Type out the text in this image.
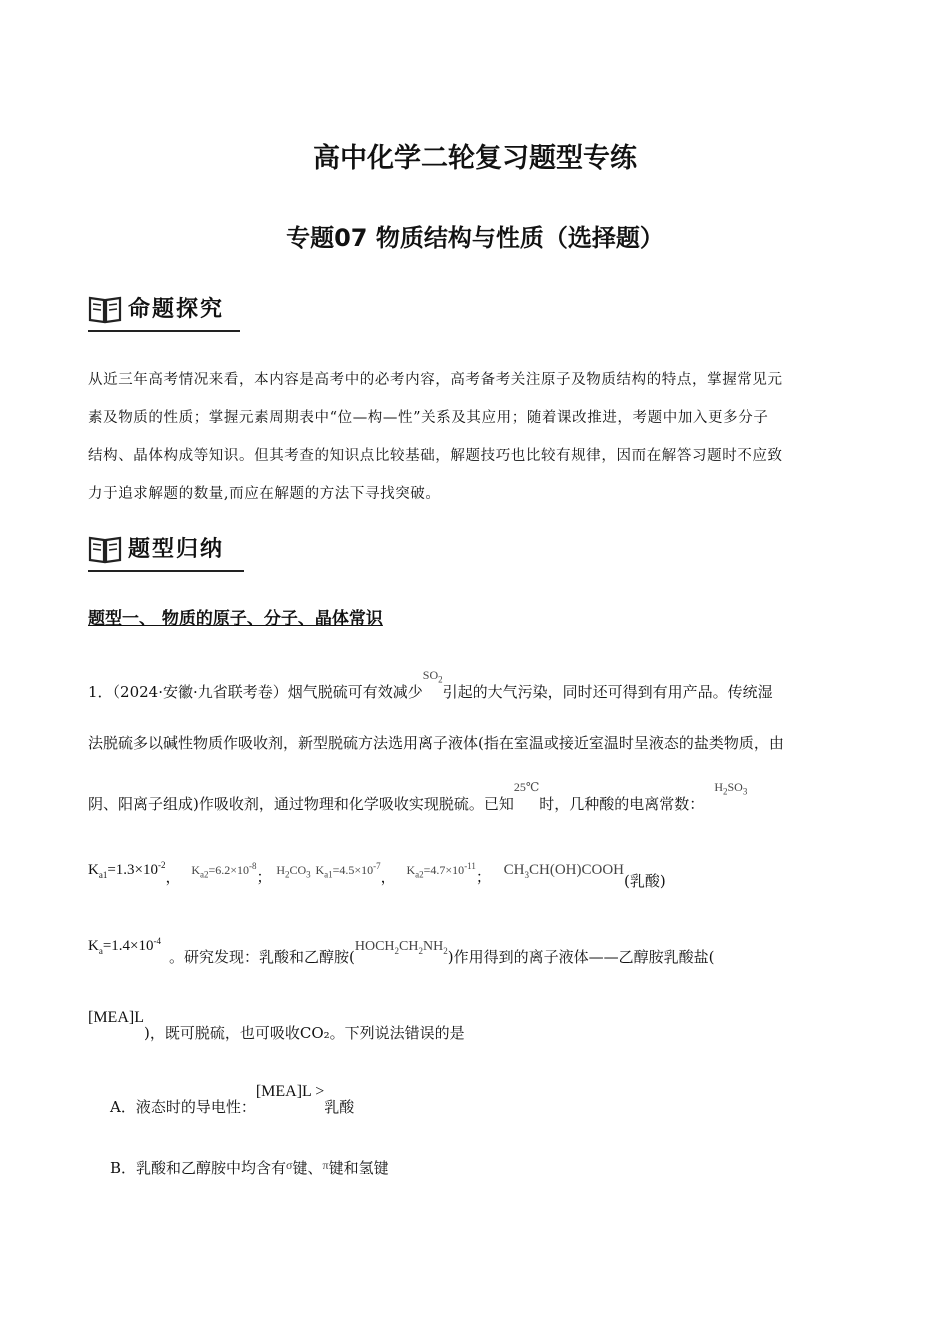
高中化学二轮复习题型专练
专题07 物质结构与性质（选择题）
命题探究
从近三年高考情况来看，本内容是高考中的必考内容，高考备考关注原子及物质结构的特点，掌握常见元
素及物质的性质；掌握元素周期表中“位—构—性”关系及其应用；随着课改推进，考题中加入更多分子
结构、晶体构成等知识。但其考查的知识点比较基础，解题技巧也比较有规律，因而在解答习题时不应致
力于追求解题的数量,而应在解题的方法下寻找突破。
题型归纳
题型一、 物质的原子、分子、晶体常识
1．（2024·安徽·九省联考卷）烟气脱硫可有效减少$^{SO_2}$引起的大气污染，同时还可得到有用产品。传统湿
法脱硫多以碱性物质作吸收剂，新型脱硫方法选用离子液体(指在室温或接近室温时呈液态的盐类物质，由
阴、阳离子组成)作吸收剂，通过物理和化学吸收实现脱硫。已知$^{25℃}$时，几种酸的电离常数：$^{H_2SO_3}$
$K_{a1}=1.3\times 10^{-2}$， $K_{a2}=6.2\times 10^{-8}$； $H_2CO_3$ $K_{a1}=4.5\times 10^{-7}$， $K_{a2}=4.7\times 10^{-11}$； $CH_3CH(OH)COOH$(乳酸)
$K_a=1.4\times 10^{-4}$。研究发现：乳酸和乙醇胺$(HOCH_2CH_2NH_2)$作用得到的离子液体——乙醇胺乳酸盐(
[MEA]L)，既可脱硫，也可吸收CO₂。下列说法错误的是
A．液态时的导电性：[MEA]L >乳酸
B．乳酸和乙醇胺中均含有$^\sigma$键、$^\pi$键和氢键
